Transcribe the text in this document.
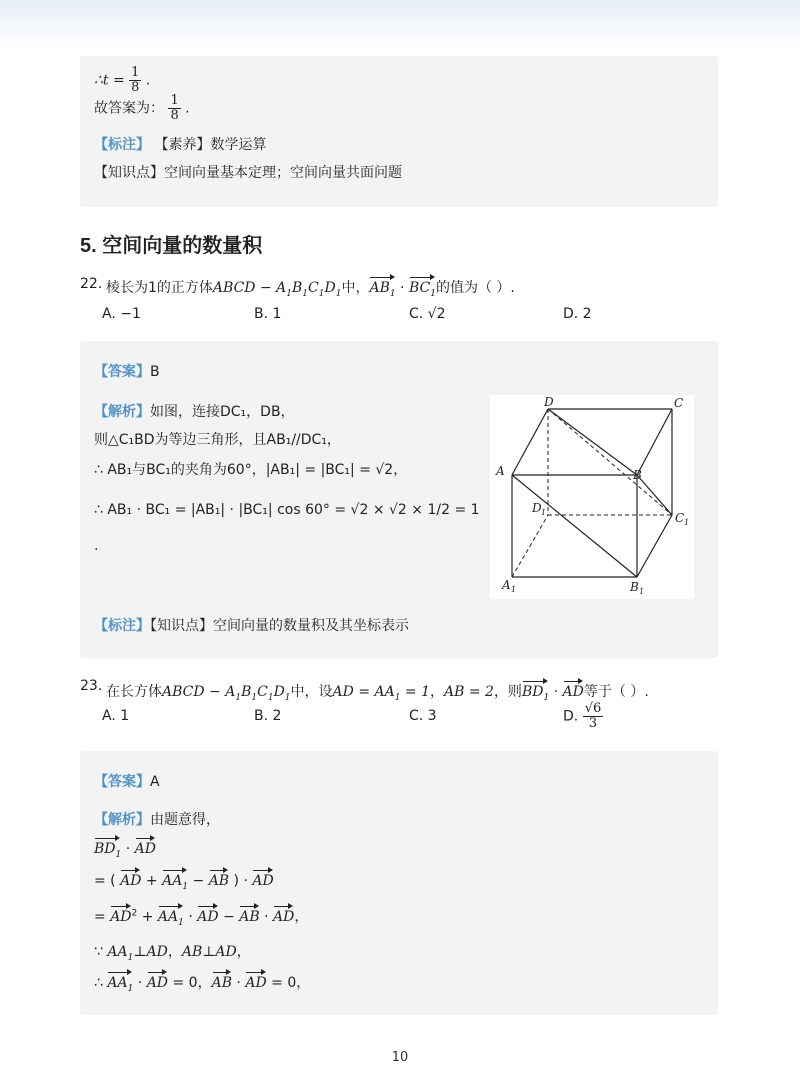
∴t = $\frac{1}{8}$ .
故答案为： $\frac{1}{8}$ .
【标注】 【素养】数学运算
【知识点】空间向量基本定理；空间向量共面问题
5. 空间向量的数量积
22. 棱长为1的正方体ABCD − $A_1B_1C_1D_1$中，$AB_1 \cdot BC_1$的值为（ ）.
A. −1	B. 1	C. √2	D. 2
【答案】B
【解析】如图，连接DC₁，DB，
则△C₁BD为等边三角形，且AB₁//DC₁，
∴ AB₁与BC₁的夹角为60°，|AB₁| = |BC₁| = √2，
∴ AB₁ · BC₁ = |AB₁| · |BC₁| cos 60° = √2 × √2 × 1/2 = 1
.
【标注】【知识点】空间向量的数量积及其坐标表示
D	C
A	B
D 1	C 1
A 1	B 1
23. 在长方体ABCD − $A_1B_1C_1D_1$中，设AD = $AA_1 = 1$，AB = 2，则$BD_1$ · AD等于（ ）.
A. 1	B. 2	C. 3	D. $\frac{√6}{3}$
【答案】A
【解析】由题意得，
$BD_1$ · AD
= ( AD + $AA_1$ − AB ) · AD
= $AD^2 + AA_1$ · AD − AB · AD，
∵ $AA_1\perp AD$，AB⊥AD，
∴ $AA_1$ · AD = 0，AB · AD = 0，
10
